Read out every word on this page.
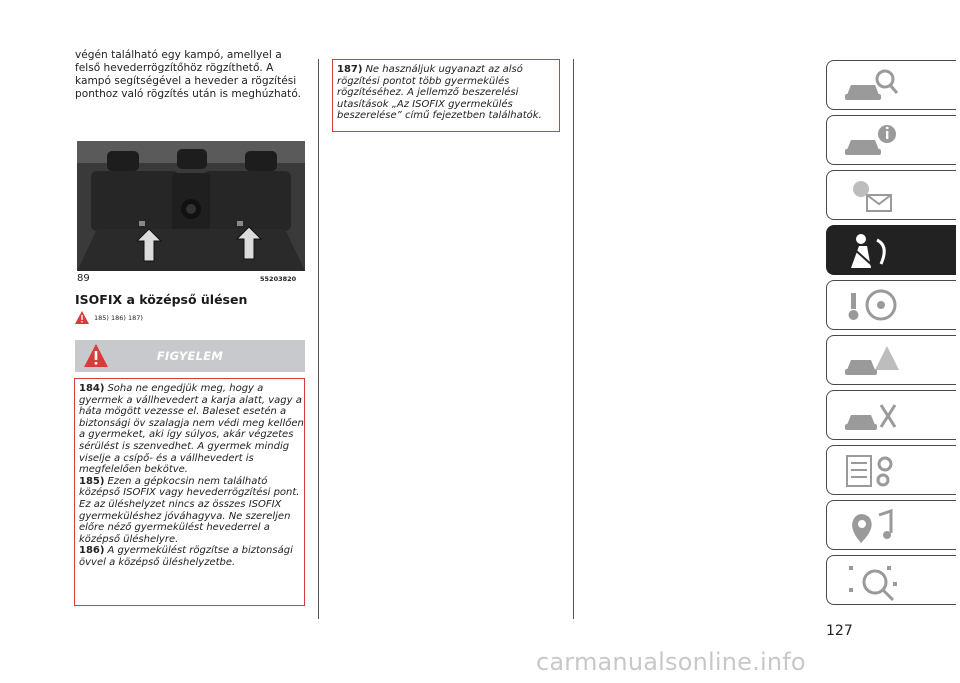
végén található egy kampó, amellyel a felső hevederrögzítőhöz rögzíthető. A kampó segítségével a heveder a rögzítési ponthoz való rögzítés után is meghúzható.
89	55203820
ISOFIX a középső ülésen
185) 186) 187)
FIGYELEM
184) Soha ne engedjük meg, hogy a gyermek a vállhevedert a karja alatt, vagy a háta mögött vezesse el. Baleset esetén a biztonsági öv szalagja nem védi meg kellően a gyermeket, aki így súlyos, akár végzetes sérülést is szenvedhet. A gyermek mindig viselje a csípő- és a vállhevedert is megfelelően bekötve.
185) Ezen a gépkocsin nem található középső ISOFIX vagy hevederrögzítési pont. Ez az üléshelyzet nincs az összes ISOFIX gyermeküléshez jóváhagyva. Ne szereljen előre néző gyermekülést hevederrel a középső üléshelyre.
186) A gyermekülést rögzítse a biztonsági övvel a középső üléshelyzetbe.
187) Ne használjuk ugyanazt az alsó rögzítési pontot több gyermekülés rögzítéséhez. A jellemző beszerelési utasítások „Az ISOFIX gyermekülés beszerelése” című fejezetben találhatók.
127
carmanualsonline.info
